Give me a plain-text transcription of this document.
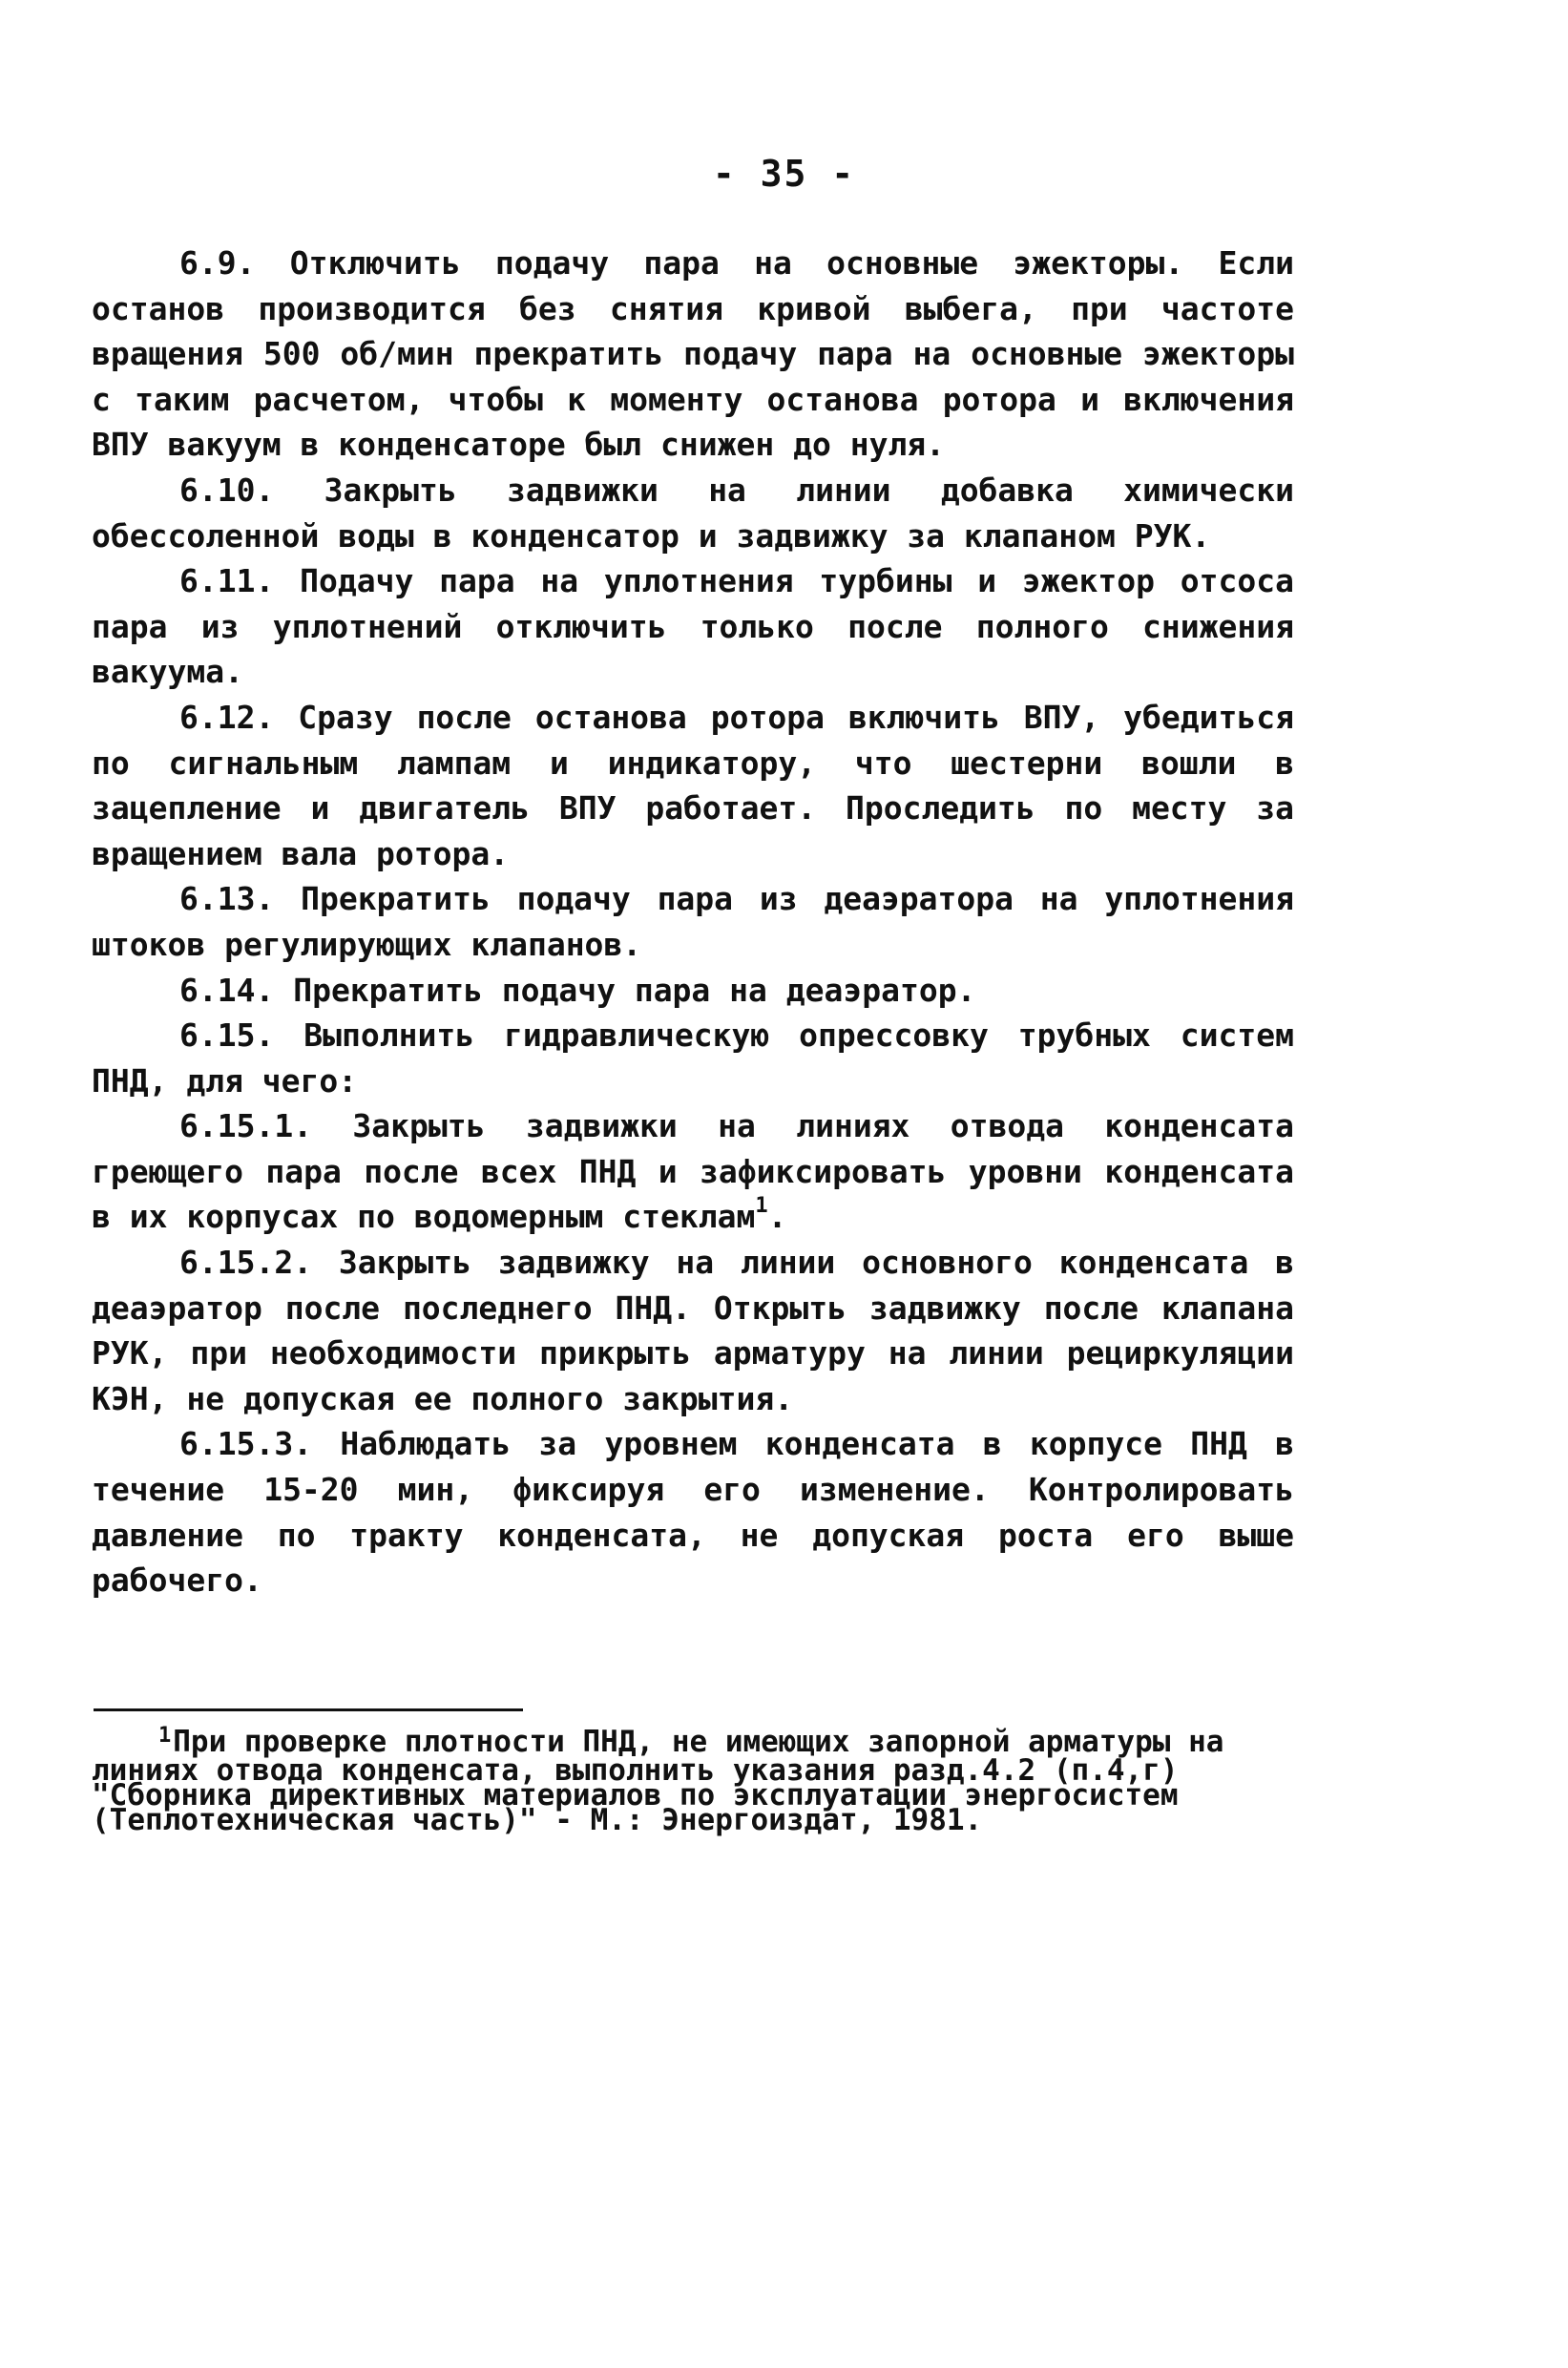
- 35 -

6.9. Отключить подачу пара на основные эжекторы. Если останов производится без снятия кривой выбега, при частоте вращения 500 об/мин прекратить подачу пара на основные эжекторы с таким расчетом, чтобы к моменту останова ротора и включения ВПУ вакуум в конденсаторе был снижен до нуля.

6.10. Закрыть задвижки на линии добавка химически обессоленной воды в конденсатор и задвижку за клапаном РУК.

6.11. Подачу пара на уплотнения турбины и эжектор отсоса пара из уплотнений отключить только после полного снижения вакуума.

6.12. Сразу после останова ротора включить ВПУ, убедиться по сигнальным лампам и индикатору, что шестерни вошли в зацепление и двигатель ВПУ работает. Проследить по месту за вращением вала ротора.

6.13. Прекратить подачу пара из деаэратора на уплотнения штоков регулирующих клапанов.

6.14. Прекратить подачу пара на деаэратор.

6.15. Выполнить гидравлическую опрессовку трубных систем ПНД, для чего:

6.15.1. Закрыть задвижки на линиях отвода конденсата греющего пара после всех ПНД и зафиксировать уровни конденсата в их корпусах по водомерным стеклам$^1$.

6.15.2. Закрыть задвижку на линии основного конденсата в деаэратор после последнего ПНД. Открыть задвижку после клапана РУК, при необходимости прикрыть арматуру на линии рециркуляции КЭН, не допуская ее полного закрытия.

6.15.3. Наблюдать за уровнем конденсата в корпусе ПНД в течение 15-20 мин, фиксируя его изменение. Контролировать давление по тракту конденсата, не допуская роста его выше рабочего.

$^1$При проверке плотности ПНД, не имеющих запорной арматуры на линиях отвода конденсата, выполнить указания разд.4.2 (п.4,г) "Сборника директивных материалов по эксплуатации энергосистем (Теплотехническая часть)" - М.: Энергоиздат, 1981.
